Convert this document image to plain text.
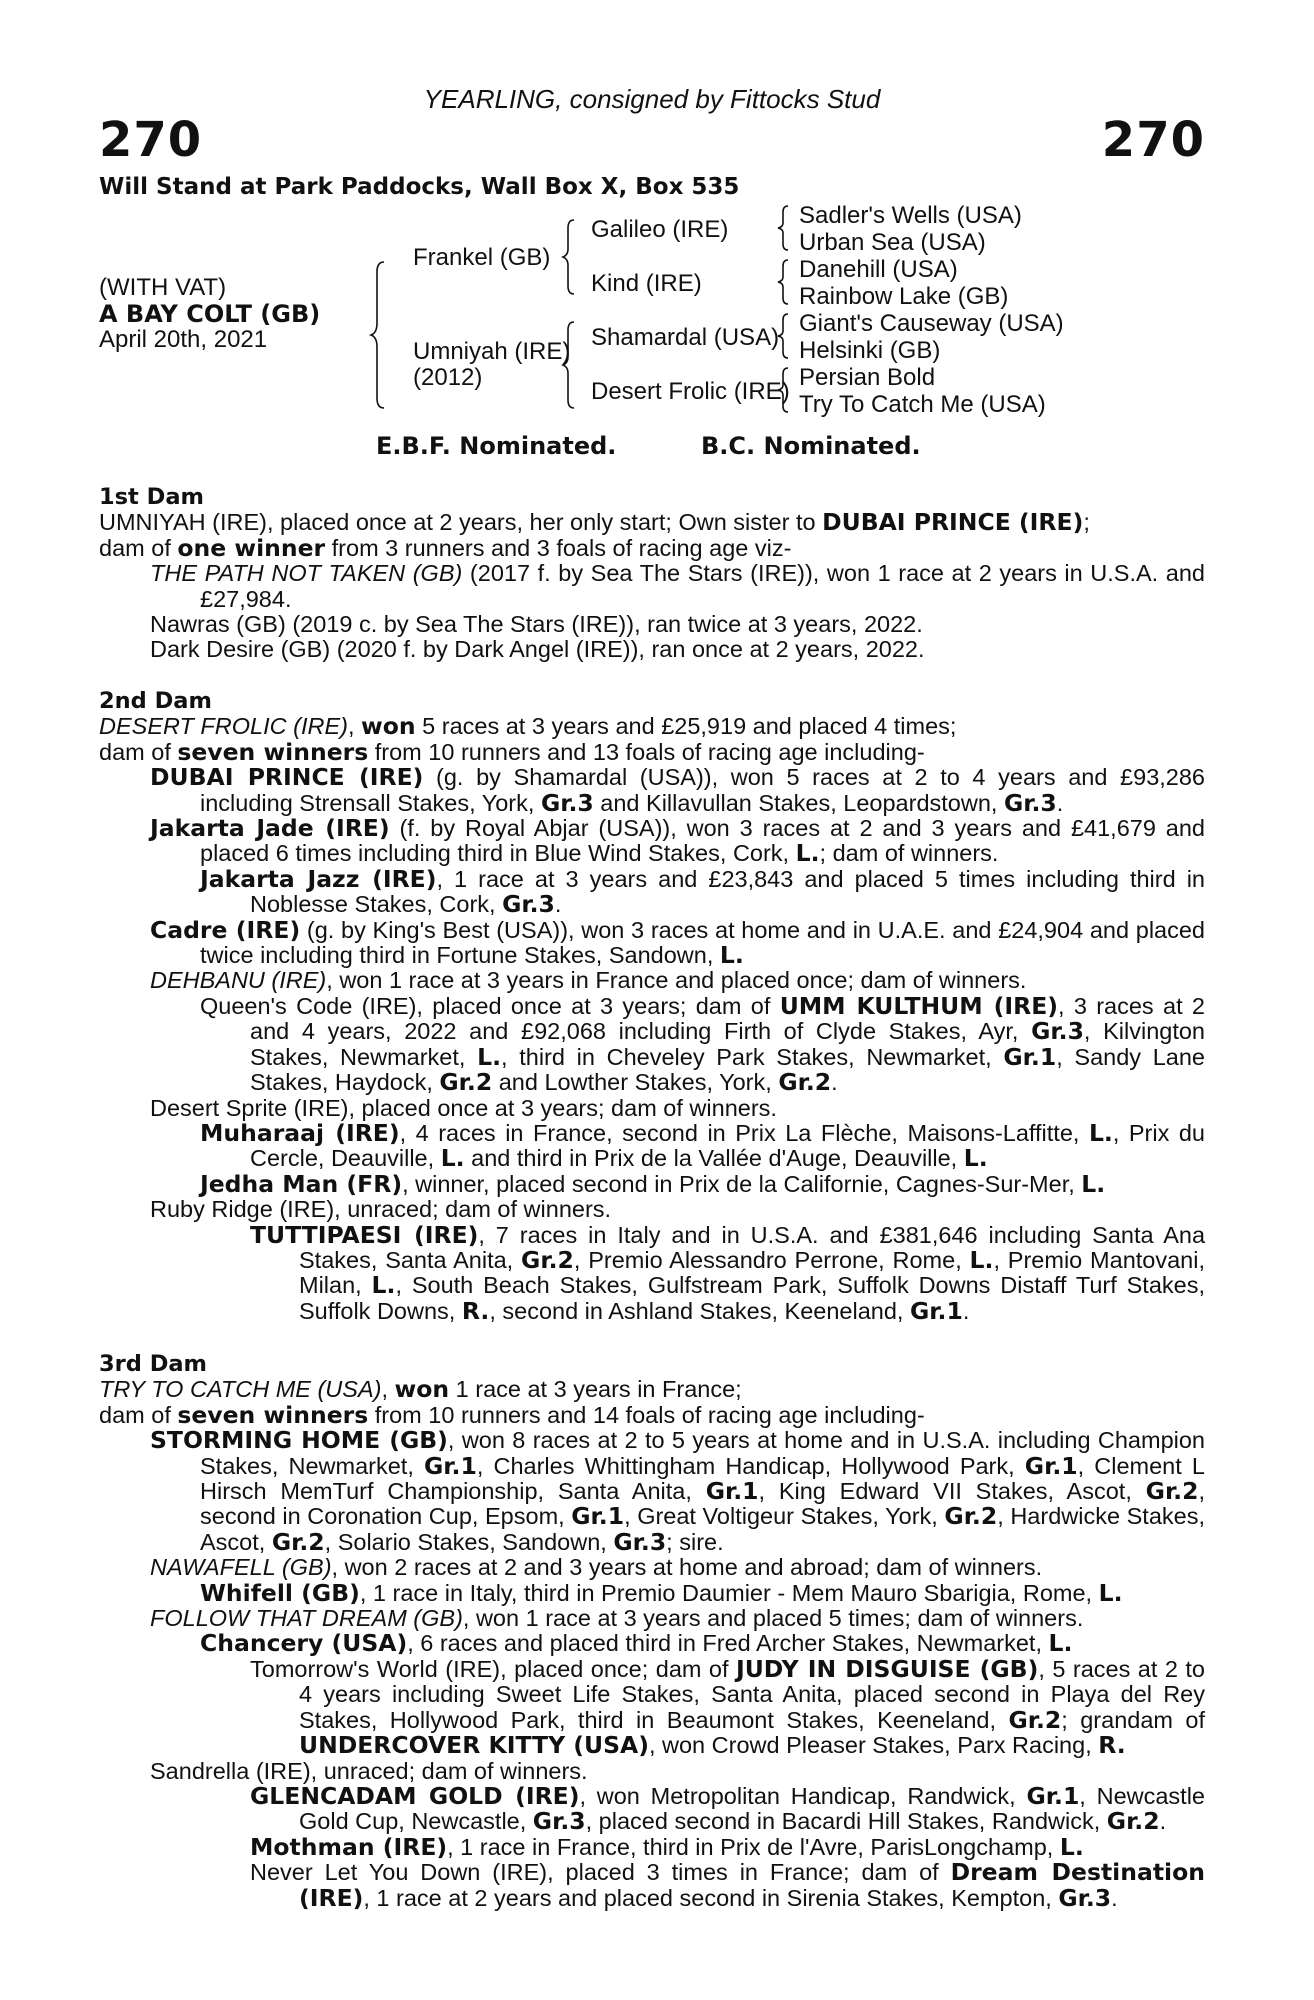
YEARLING, consigned by Fittocks Stud
270	270
Will Stand at Park Paddocks, Wall Box X, Box 535
(WITH VAT)
A BAY COLT (GB)
April 20th, 2021
Frankel (GB)
Umniyah (IRE)
(2012)
Galileo (IRE)
Kind (IRE)
Shamardal (USA)
Desert Frolic (IRE)
Sadler's Wells (USA)
Urban Sea (USA)
Danehill (USA)
Rainbow Lake (GB)
Giant's Causeway (USA)
Helsinki (GB)
Persian Bold
Try To Catch Me (USA)
E.B.F. Nominated.	B.C. Nominated.

1st Dam

UMNIYAH (IRE), placed once at 2 years, her only start; Own sister to DUBAI PRINCE (IRE);

dam of one winner from 3 runners and 3 foals of racing age viz-

THE PATH NOT TAKEN (GB) (2017 f. by Sea The Stars (IRE)), won 1 race at 2 years in U.S.A. and £27,984.

Nawras (GB) (2019 c. by Sea The Stars (IRE)), ran twice at 3 years, 2022.

Dark Desire (GB) (2020 f. by Dark Angel (IRE)), ran once at 2 years, 2022.

2nd Dam

DESERT FROLIC (IRE), won 5 races at 3 years and £25,919 and placed 4 times;

dam of seven winners from 10 runners and 13 foals of racing age including-

DUBAI PRINCE (IRE) (g. by Shamardal (USA)), won 5 races at 2 to 4 years and £93,286 including Strensall Stakes, York, Gr.3 and Killavullan Stakes, Leopardstown, Gr.3.

Jakarta Jade (IRE) (f. by Royal Abjar (USA)), won 3 races at 2 and 3 years and £41,679 and placed 6 times including third in Blue Wind Stakes, Cork, L.; dam of winners.

Jakarta Jazz (IRE), 1 race at 3 years and £23,843 and placed 5 times including third in Noblesse Stakes, Cork, Gr.3.

Cadre (IRE) (g. by King's Best (USA)), won 3 races at home and in U.A.E. and £24,904 and placed twice including third in Fortune Stakes, Sandown, L.

DEHBANU (IRE), won 1 race at 3 years in France and placed once; dam of winners.

Queen's Code (IRE), placed once at 3 years; dam of UMM KULTHUM (IRE), 3 races at 2 and 4 years, 2022 and £92,068 including Firth of Clyde Stakes, Ayr, Gr.3, Kilvington Stakes, Newmarket, L., third in Cheveley Park Stakes, Newmarket, Gr.1, Sandy Lane Stakes, Haydock, Gr.2 and Lowther Stakes, York, Gr.2.

Desert Sprite (IRE), placed once at 3 years; dam of winners.

Muharaaj (IRE), 4 races in France, second in Prix La Flèche, Maisons-Laffitte, L., Prix du Cercle, Deauville, L. and third in Prix de la Vallée d'Auge, Deauville, L.

Jedha Man (FR), winner, placed second in Prix de la Californie, Cagnes-Sur-Mer, L.

Ruby Ridge (IRE), unraced; dam of winners.

TUTTIPAESI (IRE), 7 races in Italy and in U.S.A. and £381,646 including Santa Ana Stakes, Santa Anita, Gr.2, Premio Alessandro Perrone, Rome, L., Premio Mantovani, Milan, L., South Beach Stakes, Gulfstream Park, Suffolk Downs Distaff Turf Stakes, Suffolk Downs, R., second in Ashland Stakes, Keeneland, Gr.1.

3rd Dam

TRY TO CATCH ME (USA), won 1 race at 3 years in France;

dam of seven winners from 10 runners and 14 foals of racing age including-

STORMING HOME (GB), won 8 races at 2 to 5 years at home and in U.S.A. including Champion Stakes, Newmarket, Gr.1, Charles Whittingham Handicap, Hollywood Park, Gr.1, Clement L Hirsch MemTurf Championship, Santa Anita, Gr.1, King Edward VII Stakes, Ascot, Gr.2, second in Coronation Cup, Epsom, Gr.1, Great Voltigeur Stakes, York, Gr.2, Hardwicke Stakes, Ascot, Gr.2, Solario Stakes, Sandown, Gr.3; sire.

NAWAFELL (GB), won 2 races at 2 and 3 years at home and abroad; dam of winners.

Whifell (GB), 1 race in Italy, third in Premio Daumier - Mem Mauro Sbarigia, Rome, L.

FOLLOW THAT DREAM (GB), won 1 race at 3 years and placed 5 times; dam of winners.

Chancery (USA), 6 races and placed third in Fred Archer Stakes, Newmarket, L.

Tomorrow's World (IRE), placed once; dam of JUDY IN DISGUISE (GB), 5 races at 2 to 4 years including Sweet Life Stakes, Santa Anita, placed second in Playa del Rey Stakes, Hollywood Park, third in Beaumont Stakes, Keeneland, Gr.2; grandam of UNDERCOVER KITTY (USA), won Crowd Pleaser Stakes, Parx Racing, R.

Sandrella (IRE), unraced; dam of winners.

GLENCADAM GOLD (IRE), won Metropolitan Handicap, Randwick, Gr.1, Newcastle Gold Cup, Newcastle, Gr.3, placed second in Bacardi Hill Stakes, Randwick, Gr.2.

Mothman (IRE), 1 race in France, third in Prix de l'Avre, ParisLongchamp, L.

Never Let You Down (IRE), placed 3 times in France; dam of Dream Destination (IRE), 1 race at 2 years and placed second in Sirenia Stakes, Kempton, Gr.3.
